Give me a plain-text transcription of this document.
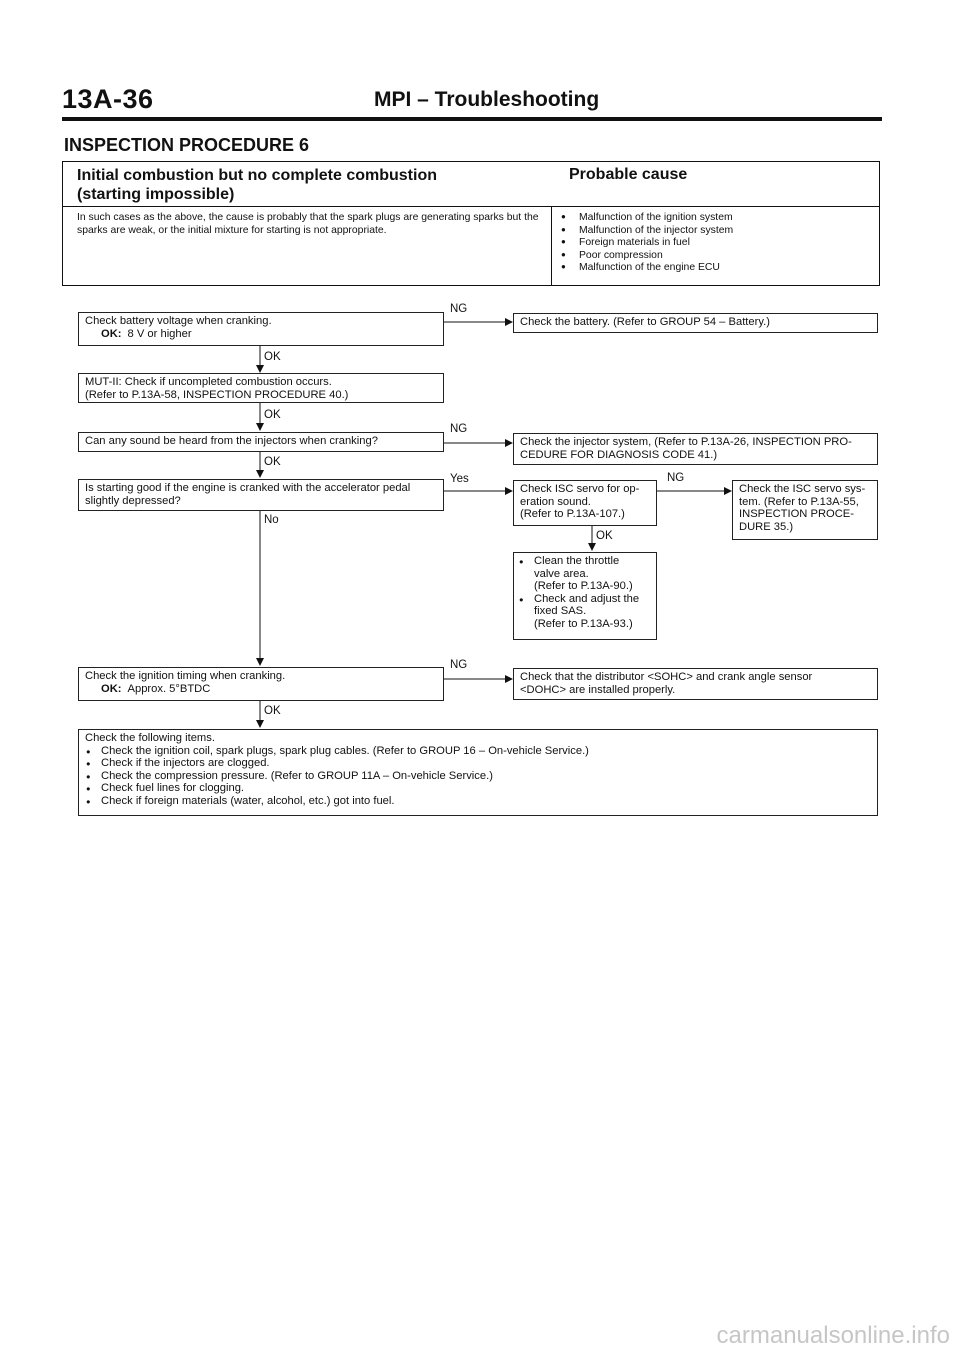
13A-36	MPI – Troubleshooting
INSPECTION PROCEDURE 6
Initial combustion but no complete combustion
(starting impossible)
Probable cause
In such cases as the above, the cause is probably that the spark plugs are generating sparks but the sparks are weak, or the initial mixture for starting is not appropriate.
● Malfunction of the ignition system
● Malfunction of the injector system
● Foreign materials in fuel
● Poor compression
● Malfunction of the engine ECU
Check battery voltage when cranking.
OK: 8 V or higher
NG
Check the battery. (Refer to GROUP 54 – Battery.)
OK
MUT-II: Check if uncompleted combustion occurs.
(Refer to P.13A-58, INSPECTION PROCEDURE 40.)
OK
Can any sound be heard from the injectors when cranking?
NG
Check the injector system, (Refer to P.13A-26, INSPECTION PRO-
CEDURE FOR DIAGNOSIS CODE 41.)
OK
Is starting good if the engine is cranked with the accelerator pedal
slightly depressed?
Yes
No
Check ISC servo for op-
eration sound.
(Refer to P.13A-107.)
NG
Check the ISC servo sys-
tem. (Refer to P.13A-55,
INSPECTION PROCE-
DURE 35.)
OK
● Clean the throttle
valve area.
(Refer to P.13A-90.)
● Check and adjust the
fixed SAS.
(Refer to P.13A-93.)
Check the ignition timing when cranking.
OK: Approx. 5°BTDC
NG
Check that the distributor <SOHC> and crank angle sensor
<DOHC> are installed properly.
OK
Check the following items.
● Check the ignition coil, spark plugs, spark plug cables. (Refer to GROUP 16 – On-vehicle Service.)
● Check if the injectors are clogged.
● Check the compression pressure. (Refer to GROUP 11A – On-vehicle Service.)
● Check fuel lines for clogging.
● Check if foreign materials (water, alcohol, etc.) got into fuel.
carmanualsonline.info
